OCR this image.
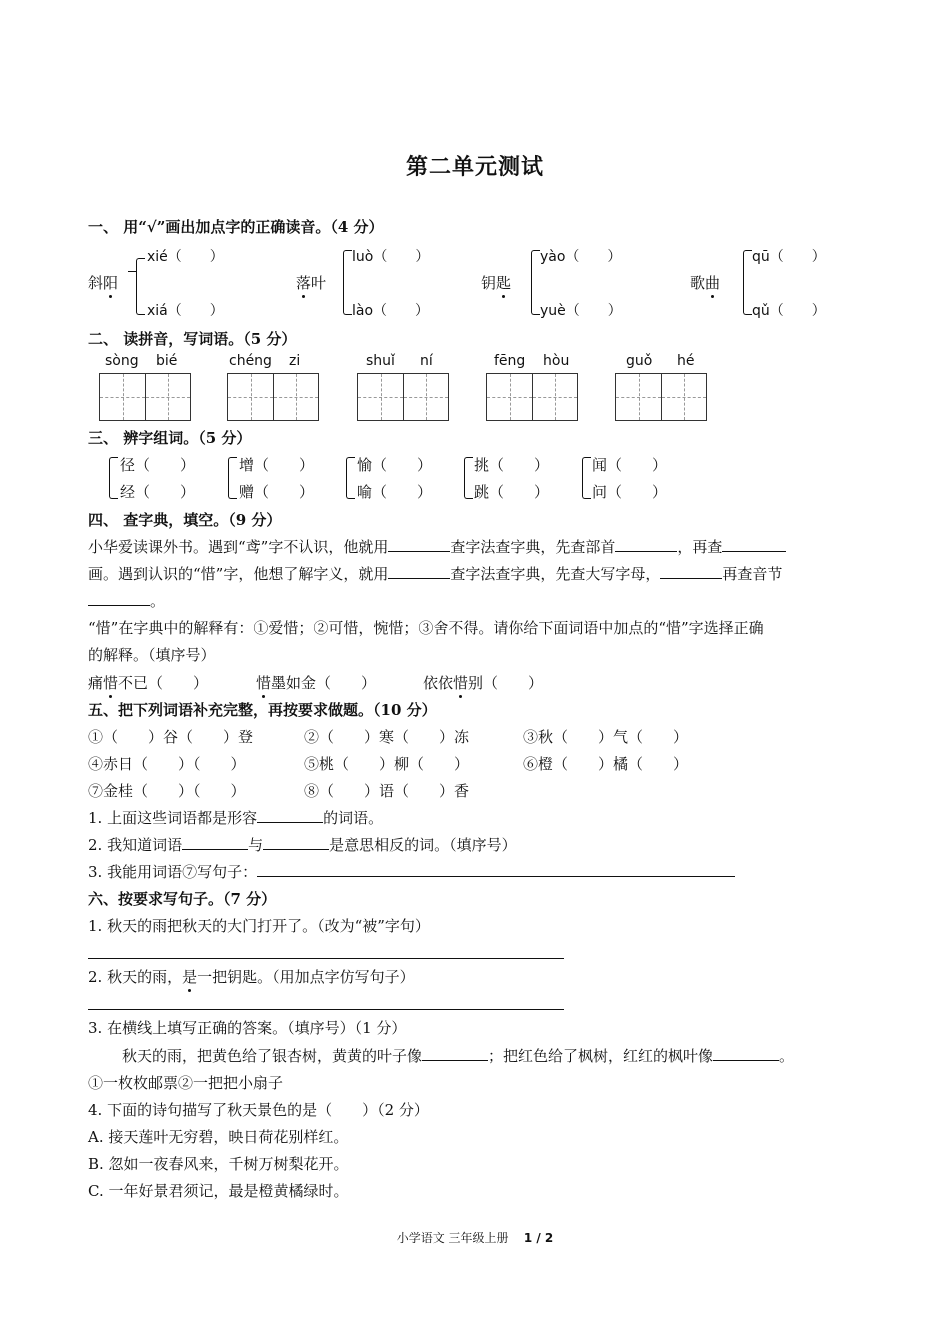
第二单元测试
一、 用“√”画出加点字的正确读音。（4 分）
斜阳
xié（　　）
xiá（　　）
落叶
luò（　　）
lào（　　）
钥匙
yào（　　）
yuè（　　）
歌曲
qū（　　）
qǔ（　　）
二、 读拼音，写词语。（5 分）
sòng bié	chéng zi	shuǐ ní	fēng hòu	guǒ hé
三、 辨字组词。（5 分）
径（　　）
经（　　）
增（　　）
赠（　　）
愉（　　）
喻（　　）
挑（　　）
跳（　　）
闻（　　）
问（　　）
四、 查字典，填空。（9 分）
小华爱读课外书。遇到“鸢”字不认识，他就用	查字法查字典，先查部首	，再查
画。遇到认识的“惜”字，他想了解字义，就用	查字法查字典，先查大写字母，	再查音节
。
“惜”在字典中的解释有：①爱惜；②可惜，惋惜；③舍不得。请你给下面词语中加点的“惜”字选择正确
的解释。（填序号）
痛惜不已（　　）	惜墨如金（　　）	依依惜别（　　）
五、把下列词语补充完整，再按要求做题。（10 分）
①（　　）谷（　　）登	②（　　）寒（　　）冻	③秋（　　）气（　　）
④赤日（　　）（　　）	⑤桃（　　）柳（　　）	⑥橙（　　）橘（　　）
⑦金桂（　　）（　　）	⑧（　　）语（　　）香
1. 上面这些词语都是形容	的词语。
2. 我知道词语	与	是意思相反的词。（填序号）
3. 我能用词语⑦写句子：
六、按要求写句子。（7 分）
1. 秋天的雨把秋天的大门打开了。（改为“被”字句）
2. 秋天的雨，是一把钥匙。（用加点字仿写句子）
3. 在横线上填写正确的答案。（填序号）（1 分）
秋天的雨，把黄色给了银杏树，黄黄的叶子像	；把红色给了枫树，红红的枫叶像	。
①一枚枚邮票②一把把小扇子
4. 下面的诗句描写了秋天景色的是（　　）（2 分）
A. 接天莲叶无穷碧，映日荷花别样红。
B. 忽如一夜春风来，千树万树梨花开。
C. 一年好景君须记，最是橙黄橘绿时。
小学语文 三年级上册 1 / 2
